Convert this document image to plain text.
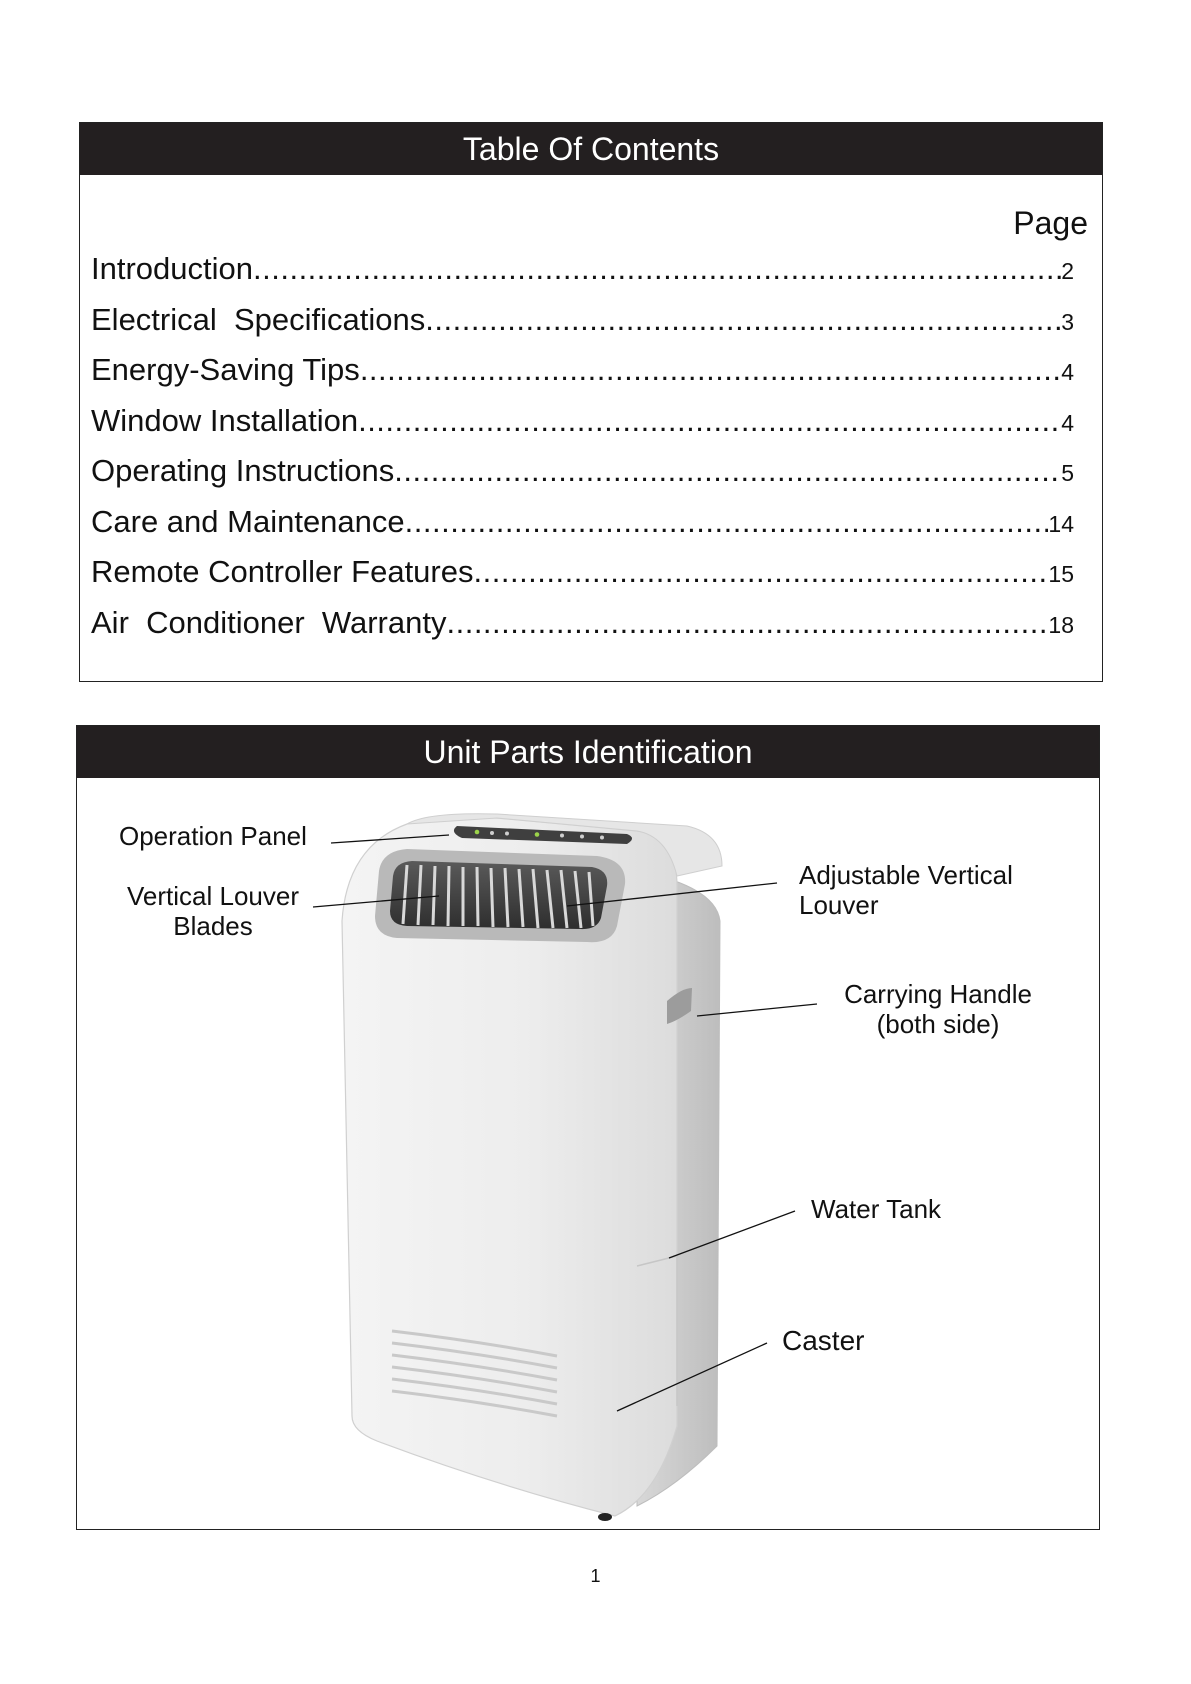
Table Of Contents
Page
Introduction .....	2
Electrical  Specifications .....	3
Energy-Saving Tips .....	4
Window Installation .....	4
Operating Instructions .....	5
Care and Maintenance .....	14
Remote Controller Features .....	15
Air  Conditioner  Warranty .....	18
Unit Parts Identification
Operation Panel
Vertical Louver
Blades
Adjustable Vertical
Louver
Carrying Handle
(both side)
Water Tank
Caster
1
